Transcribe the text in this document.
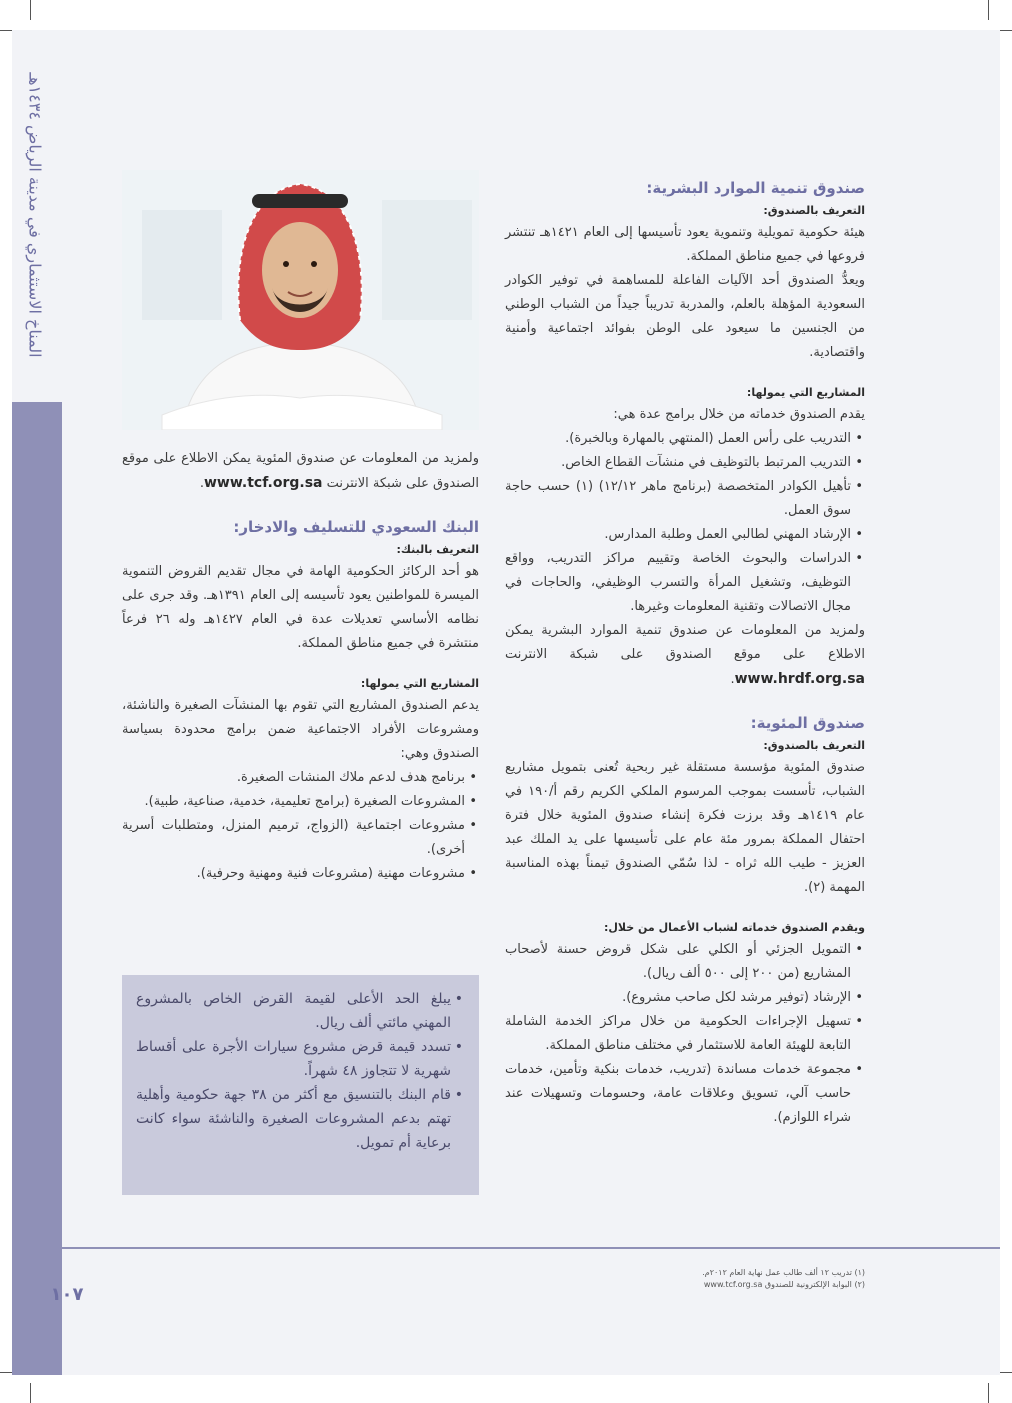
المناخ الاستثماري في مدينة الرياض ١٤٣٤هـ	صندوق تنمية الموارد البشرية:
التعريف بالصندوق:

هيئة حكومية تمويلية وتنموية يعود تأسيسها إلى العام ١٤٢١هـ تنتشر فروعها في جميع مناطق المملكة.

ويعدُّ الصندوق أحد الآليات الفاعلة للمساهمة في توفير الكوادر السعودية المؤهلة بالعلم، والمدربة تدريباً جيداً من الشباب الوطني من الجنسين ما سيعود على الوطن بفوائد اجتماعية وأمنية واقتصادية.

المشاريع التي يمولها:

يقدم الصندوق خدماته من خلال برامج عدة هي:

• التدريب على رأس العمل (المنتهي بالمهارة وبالخبرة).
• التدريب المرتبط بالتوظيف في منشآت القطاع الخاص.
• تأهيل الكوادر المتخصصة (برنامج ماهر ١٢/١٢) (١) حسب حاجة سوق العمل.
• الإرشاد المهني لطالبي العمل وطلبة المدارس.
• الدراسات والبحوث الخاصة وتقييم مراكز التدريب، وواقع التوظيف، وتشغيل المرأة والتسرب الوظيفي، والحاجات في مجال الاتصالات وتقنية المعلومات وغيرها.

ولمزيد من المعلومات عن صندوق تنمية الموارد البشرية يمكن الاطلاع على موقع الصندوق على شبكة الانترنت www.hrdf.org.sa.

صندوق المئوية:
التعريف بالصندوق:

صندوق المئوية مؤسسة مستقلة غير ربحية تُعنى بتمويل مشاريع الشباب، تأسست بموجب المرسوم الملكي الكريم رقم أ/١٩٠ في عام ١٤١٩هـ وقد برزت فكرة إنشاء صندوق المئوية خلال فترة احتفال المملكة بمرور مئة عام على تأسيسها على يد الملك عبد العزيز - طيب الله ثراه - لذا سُمّي الصندوق تيمناً بهذه المناسبة المهمة (٢).

ويقدم الصندوق خدماته لشباب الأعمال من خلال:
• التمويل الجزئي أو الكلي على شكل قروض حسنة لأصحاب المشاريع (من ٢٠٠ إلى ٥٠٠ ألف ريال).
• الإرشاد (توفير مرشد لكل صاحب مشروع).
• تسهيل الإجراءات الحكومية من خلال مراكز الخدمة الشاملة التابعة للهيئة العامة للاستثمار في مختلف مناطق المملكة.
• مجموعة خدمات مساندة (تدريب، خدمات بنكية وتأمين، خدمات حاسب آلي، تسويق وعلاقات عامة، وحسومات وتسهيلات عند شراء اللوازم).

ولمزيد من المعلومات عن صندوق المئوية يمكن الاطلاع على موقع الصندوق على شبكة الانترنت www.tcf.org.sa.

البنك السعودي للتسليف والادخار:
التعريف بالبنك:

هو أحد الركائز الحكومية الهامة في مجال تقديم القروض التنموية الميسرة للمواطنين يعود تأسيسه إلى العام ١٣٩١هـ. وقد جرى على نظامه الأساسي تعديلات عدة في العام ١٤٢٧هـ وله ٢٦ فرعاً منتشرة في جميع مناطق المملكة.

المشاريع التي يمولها:

يدعم الصندوق المشاريع التي تقوم بها المنشآت الصغيرة والناشئة، ومشروعات الأفراد الاجتماعية ضمن برامج محدودة بسياسة الصندوق وهي:

• برنامج هدف لدعم ملاك المنشات الصغيرة.
• المشروعات الصغيرة (برامج تعليمية، خدمية، صناعية، طبية).
• مشروعات اجتماعية (الزواج، ترميم المنزل، ومتطلبات أسرية أخرى).
• مشروعات مهنية (مشروعات فنية ومهنية وحرفية).
• يبلغ الحد الأعلى لقيمة القرض الخاص بالمشروع المهني مائتي ألف ريال.
• تسدد قيمة قرض مشروع سيارات الأجرة على أقساط شهرية لا تتجاوز ٤٨ شهراً.
• قام البنك بالتنسيق مع أكثر من ٣٨ جهة حكومية وأهلية تهتم بدعم المشروعات الصغيرة والناشئة سواء كانت برعاية أم تمويل.
(١) تدريب ١٢ ألف طالب عمل نهاية العام ٢٠١٢م.
(٢) البوابة الإلكترونية للصندوق www.tcf.org.sa
١٠٧
